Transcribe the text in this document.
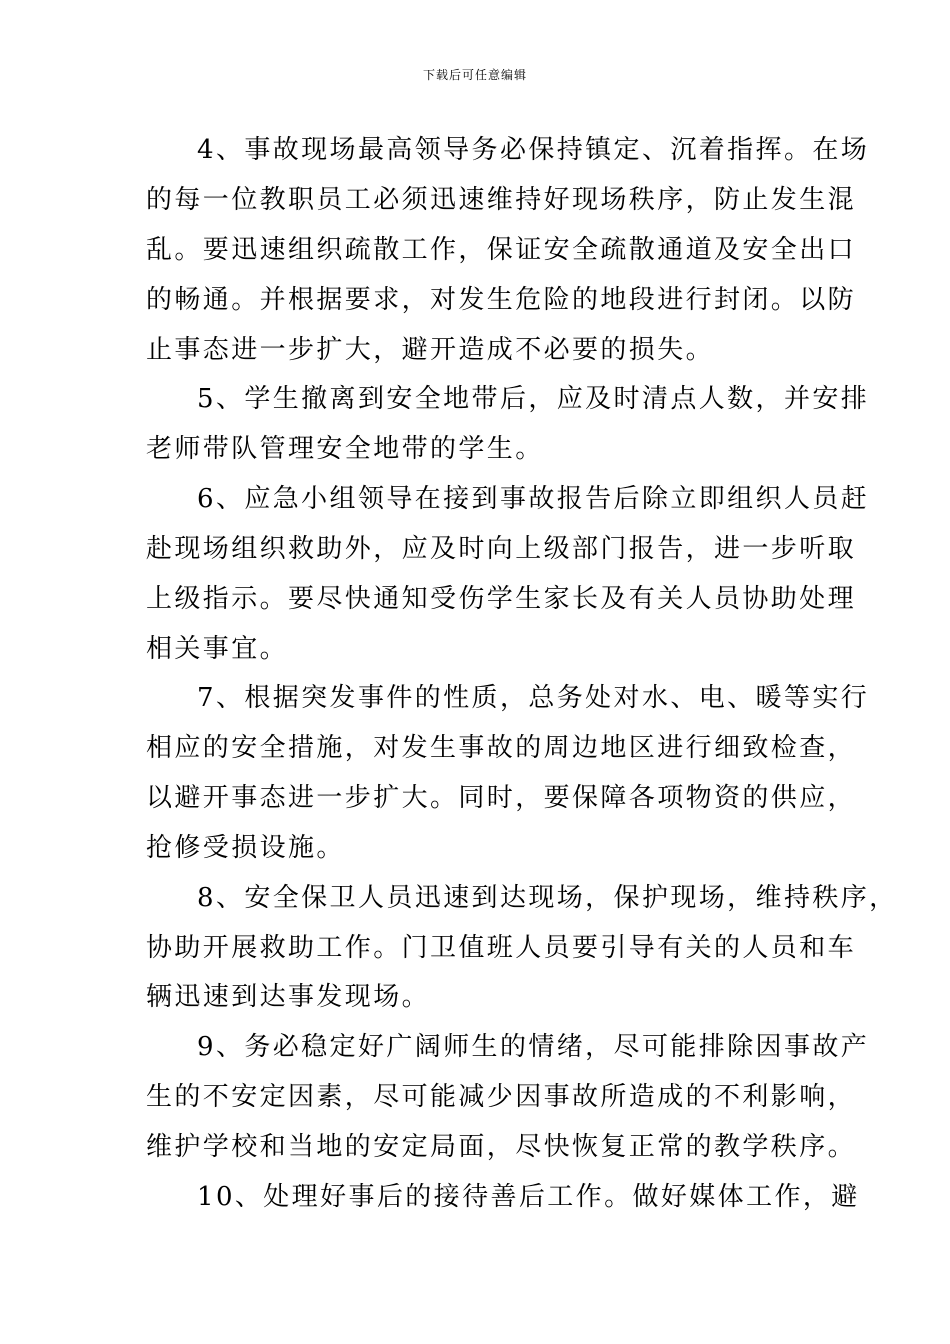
下载后可任意编辑
4、事故现场最高领导务必保持镇定、沉着指挥。在场
的每一位教职员工必须迅速维持好现场秩序，防止发生混
乱。要迅速组织疏散工作，保证安全疏散通道及安全出口
的畅通。并根据要求，对发生危险的地段进行封闭。以防
止事态进一步扩大，避开造成不必要的损失。
5、学生撤离到安全地带后，应及时清点人数，并安排
老师带队管理安全地带的学生。
6、应急小组领导在接到事故报告后除立即组织人员赶
赴现场组织救助外，应及时向上级部门报告，进一步听取
上级指示。要尽快通知受伤学生家长及有关人员协助处理
相关事宜。
7、根据突发事件的性质，总务处对水、电、暖等实行
相应的安全措施，对发生事故的周边地区进行细致检查，
以避开事态进一步扩大。同时，要保障各项物资的供应，
抢修受损设施。
8、安全保卫人员迅速到达现场，保护现场，维持秩序，
协助开展救助工作。门卫值班人员要引导有关的人员和车
辆迅速到达事发现场。
9、务必稳定好广阔师生的情绪，尽可能排除因事故产
生的不安定因素，尽可能减少因事故所造成的不利影响，
维护学校和当地的安定局面，尽快恢复正常的教学秩序。
10、处理好事后的接待善后工作。做好媒体工作，避
